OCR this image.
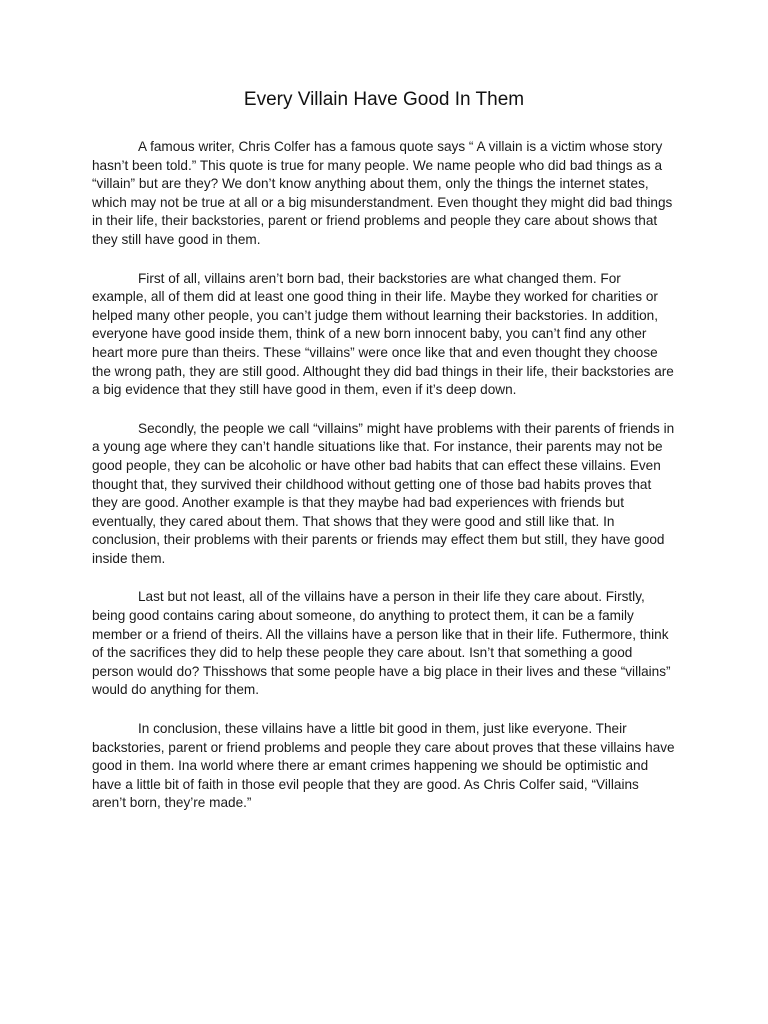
Every Villain Have Good In Them

A famous writer, Chris Colfer has a famous quote says “ A villain is a victim whose story hasn’t been told.” This quote is true for many people. We name people who did bad things as a “villain” but are they? We don’t know anything about them, only the things the internet states, which may not be true at all or a big misunderstandment. Even thought they might did bad things in their life, their backstories, parent or friend problems and people they care about shows that they still have good in them.

First of all, villains aren’t born bad, their backstories are what changed them. For example, all of them did at least one good thing in their life. Maybe they worked for charities or helped many other people, you can’t judge them without learning their backstories. In addition, everyone have good inside them, think of a new born innocent baby, you can’t find any other heart more pure than theirs. These “villains” were once like that and even thought they choose the wrong path, they are still good. Althought they did bad things in their life, their backstories are a big evidence that they still have good in them, even if it’s deep down.

Secondly, the people we call “villains” might have problems with their parents of friends in a young age where they can’t handle situations like that. For instance, their parents may not be good people, they can be alcoholic or have other bad habits that can effect these villains. Even thought that, they survived their childhood without getting one of those bad habits proves that they are good. Another example is that they maybe had bad experiences with friends but eventually, they cared about them. That shows that they were good and still like that. In conclusion, their problems with their parents or friends may effect them but still, they have good inside them.

Last but not least, all of the villains have a person in their life they care about. Firstly, being good contains caring about someone, do anything to protect them, it can be a family member or a friend of theirs. All the villains have a person like that in their life. Futhermore, think of the sacrifices they did to help these people they care about. Isn’t that something a good person would do? Thisshows that some people have a big place in their lives and these “villains” would do anything for them.

In conclusion, these villains have a little bit good in them, just like everyone. Their backstories, parent or friend problems and people they care about proves that these villains have good in them. Ina world where there ar emant crimes happening we should be optimistic and have a little bit of faith in those evil people that they are good. As Chris Colfer said, “Villains aren’t born, they’re made.”
